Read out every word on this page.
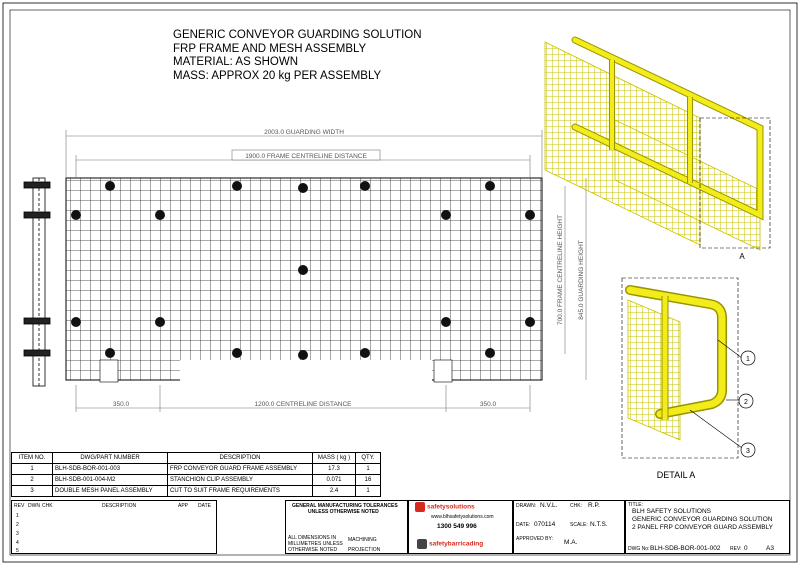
2003.0 GUARDING WIDTH
1900.0 FRAME CENTRELINE DISTANCE
350.0	1200.0 CENTRELINE DISTANCE	350.0
700.0 FRAME CENTRELINE HEIGHT 845.0 GUARDING HEIGHT	A
1
2
3
DETAIL A
GENERIC CONVEYOR GUARDING SOLUTION
FRP FRAME AND MESH ASSEMBLY
MATERIAL: AS SHOWN
MASS: APPROX 20 kg PER ASSEMBLY
ITEM NO.	DWG/PART NUMBER	DESCRIPTION	MASS ( kg )	QTY.
1	BLH-SDB-BOR-001-003	FRP CONVEYOR GUARD FRAME ASSEMBLY	17.3	1
2	BLH-SDB-001-004-M2	STANCHION CLIP ASSEMBLY	0.071	16
3	DOUBLE MESH PANEL ASSEMBLY	CUT TO SUIT FRAME REQUIREMENTS	2.4	1
REV DWN CHK	DESCRIPTION	APP DATE
1
2
3
4
5
GENERAL MANUFACTURING TOLERANCES
UNLESS OTHERWISE NOTED
MACHINING
PROJECTION
ALL DIMENSIONS IN MILLIMETRES UNLESS OTHERWISE NOTED
safetysolutions
www.blhsafetysolutions.com
1300 549 996
safetybarricading
DRAWN: N.V.L.	CHK: R.P.
DATE: 070114	SCALE: N.T.S.
APPROVED BY: M.A.
TITLE:
BLH SAFETY SOLUTIONS
GENERIC CONVEYOR GUARDING SOLUTION
2 PANEL FRP CONVEYOR GUARD ASSEMBLY
DWG No: BLH-SDB-BOR-001-002 REV: 0	A3
